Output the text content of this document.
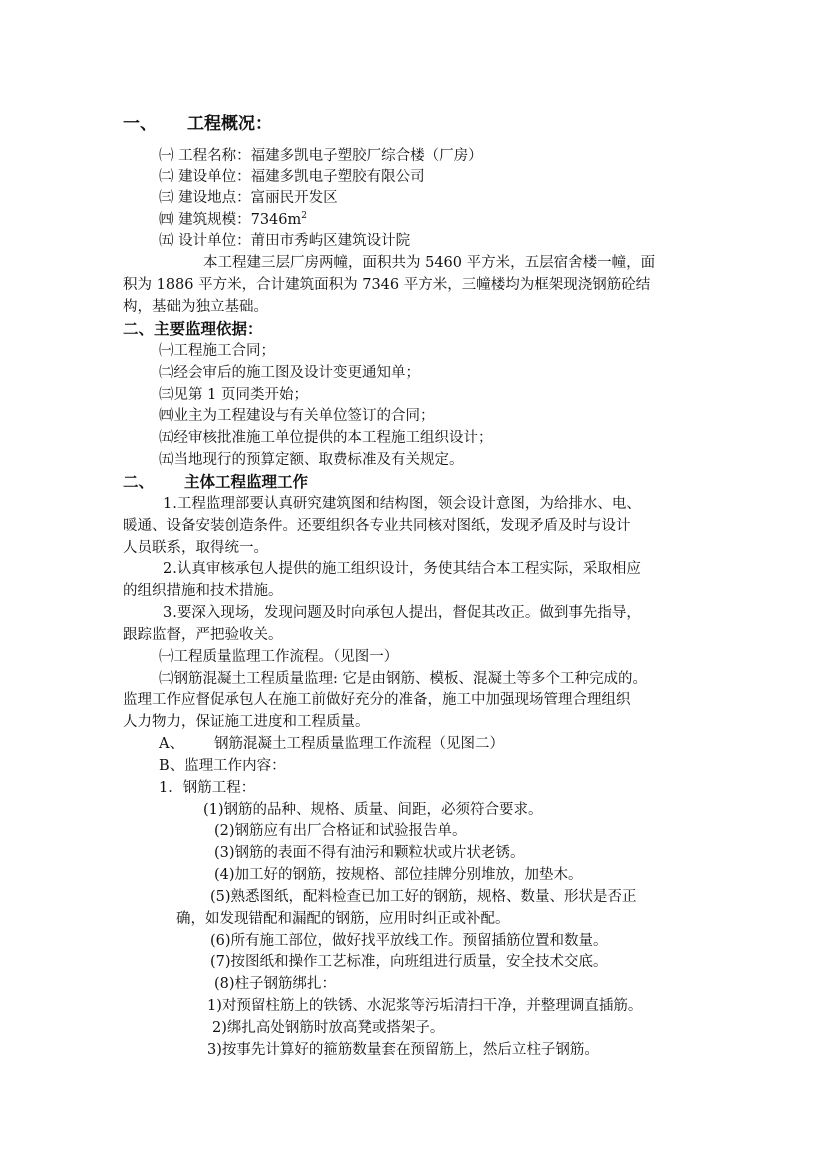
一、 工程概况：
㈠ 工程名称：福建多凯电子塑胶厂综合楼（厂房）
㈡ 建设单位：福建多凯电子塑胶有限公司
㈢ 建设地点：富丽民开发区
㈣ 建筑规模：$7346m^2$
㈤ 设计单位：莆田市秀屿区建筑设计院
本工程建三层厂房两幢，面积共为 5460 平方米，五层宿舍楼一幢，面
积为 1886 平方米，合计建筑面积为 7346 平方米，三幢楼均为框架现浇钢筋砼结
构，基础为独立基础。
二、主要监理依据：
㈠工程施工合同；
㈡经会审后的施工图及设计变更通知单；
㈢见第 1 页同类开始；
㈣业主为工程建设与有关单位签订的合同；
㈤经审核批准施工单位提供的本工程施工组织设计；
㈤当地现行的预算定额、取费标准及有关规定。
二、 主体工程监理工作
1.工程监理部要认真研究建筑图和结构图，领会设计意图，为给排水、电、
暖通、设备安装创造条件。还要组织各专业共同核对图纸，发现矛盾及时与设计
人员联系，取得统一。
2.认真审核承包人提供的施工组织设计，务使其结合本工程实际，采取相应
的组织措施和技术措施。
3.要深入现场，发现问题及时向承包人提出，督促其改正。做到事先指导，
跟踪监督，严把验收关。
㈠工程质量监理工作流程。（见图一）
㈡钢筋混凝土工程质量监理: 它是由钢筋、模板、混凝土等多个工种完成的。
监理工作应督促承包人在施工前做好充分的准备，施工中加强现场管理合理组织
人力物力，保证施工进度和工程质量。
A、 钢筋混凝土工程质量监理工作流程（见图二）
B、监理工作内容：
1．钢筋工程：
(1)钢筋的品种、规格、质量、间距，必须符合要求。
(2)钢筋应有出厂合格证和试验报告单。
(3)钢筋的表面不得有油污和颗粒状或片状老锈。
(4)加工好的钢筋，按规格、部位挂牌分别堆放，加垫木。
(5)熟悉图纸，配料检查已加工好的钢筋，规格、数量、形状是否正
确，如发现错配和漏配的钢筋，应用时纠正或补配。
(6)所有施工部位，做好找平放线工作。预留插筋位置和数量。
(7)按图纸和操作工艺标准，向班组进行质量，安全技术交底。
(8)柱子钢筋绑扎：
1)对预留柱筋上的铁锈、水泥浆等污垢清扫干净，并整理调直插筋。
2)绑扎高处钢筋时放高凳或搭架子。
3)按事先计算好的箍筋数量套在预留筋上，然后立柱子钢筋。
